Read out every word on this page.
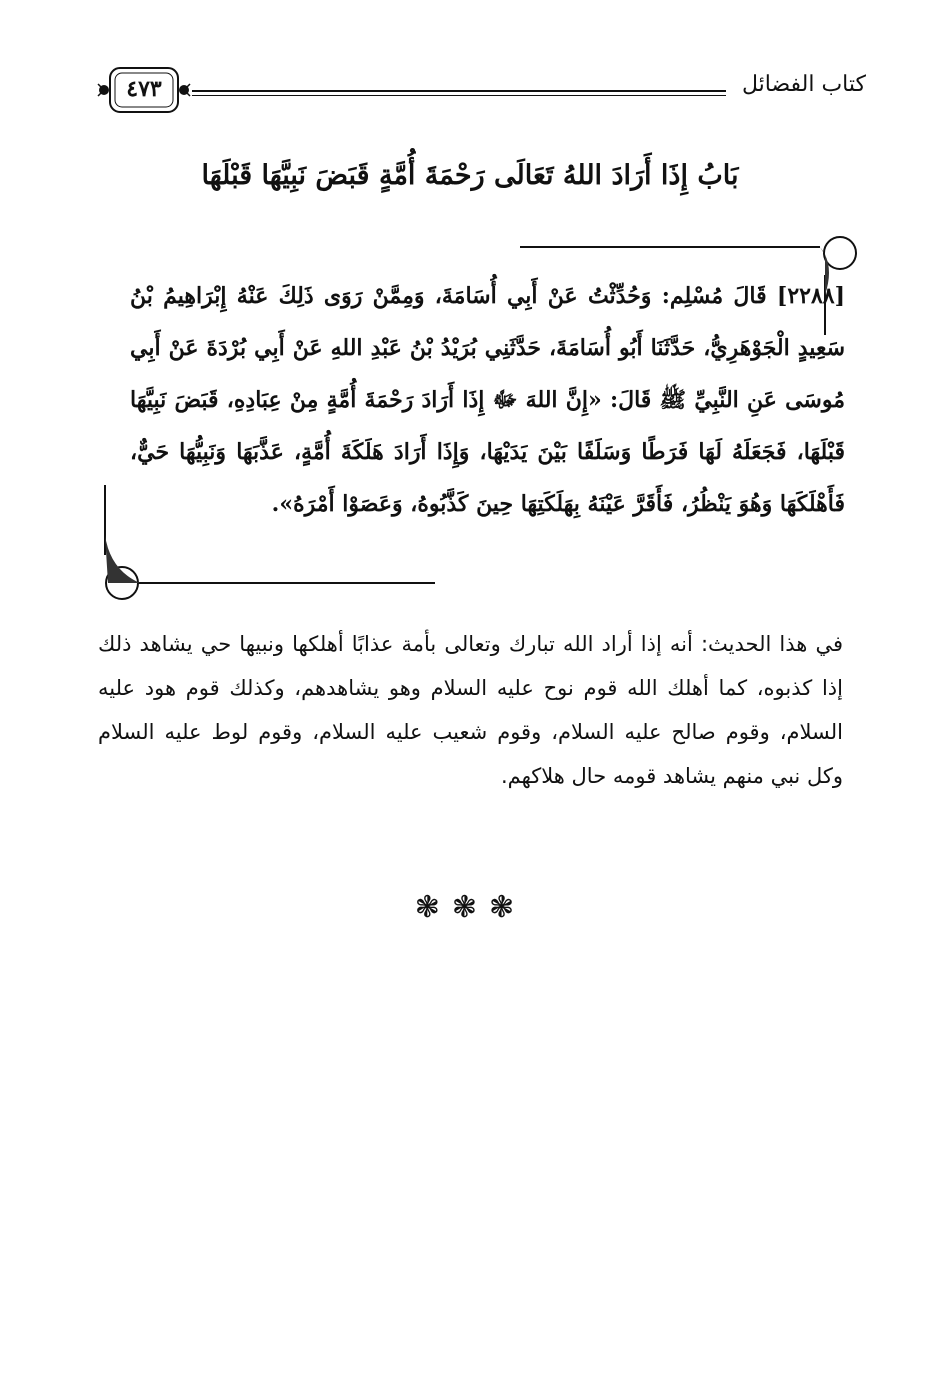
٤٧٣	كتاب الفضائل
بَابُ إِذَا أَرَادَ اللهُ تَعَالَى رَحْمَةَ أُمَّةٍ قَبَضَ نَبِيَّهَا قَبْلَهَا
[٢٢٨٨] قَالَ مُسْلِم: وَحُدِّثْتُ عَنْ أَبِي أُسَامَةَ، وَمِمَّنْ رَوَى ذَلِكَ عَنْهُ إِبْرَاهِيمُ بْنُ سَعِيدٍ الْجَوْهَرِيُّ، حَدَّثَنَا أَبُو أُسَامَةَ، حَدَّثَنِي بُرَيْدُ بْنُ عَبْدِ اللهِ عَنْ أَبِي بُرْدَةَ عَنْ أَبِي مُوسَى عَنِ النَّبِيِّ ﷺ قَالَ: «إِنَّ اللهَ ﷻ إِذَا أَرَادَ رَحْمَةَ أُمَّةٍ مِنْ عِبَادِهِ، قَبَضَ نَبِيَّهَا قَبْلَهَا، فَجَعَلَهُ لَهَا فَرَطًا وَسَلَفًا بَيْنَ يَدَيْهَا، وَإِذَا أَرَادَ هَلَكَةَ أُمَّةٍ، عَذَّبَهَا وَنَبِيُّهَا حَيٌّ، فَأَهْلَكَهَا وَهُوَ يَنْظُرُ، فَأَقَرَّ عَيْنَهُ بِهَلَكَتِهَا حِينَ كَذَّبُوهُ، وَعَصَوْا أَمْرَهُ».
في هذا الحديث: أنه إذا أراد الله تبارك وتعالى بأمة عذابًا أهلكها ونبيها حي يشاهد ذلك إذا كذبوه، كما أهلك الله قوم نوح عليه السلام وهو يشاهدهم، وكذلك قوم هود عليه السلام، وقوم صالح عليه السلام، وقوم شعيب عليه السلام، وقوم لوط عليه السلام وكل نبي منهم يشاهد قومه حال هلاكهم.
❃❃❃
